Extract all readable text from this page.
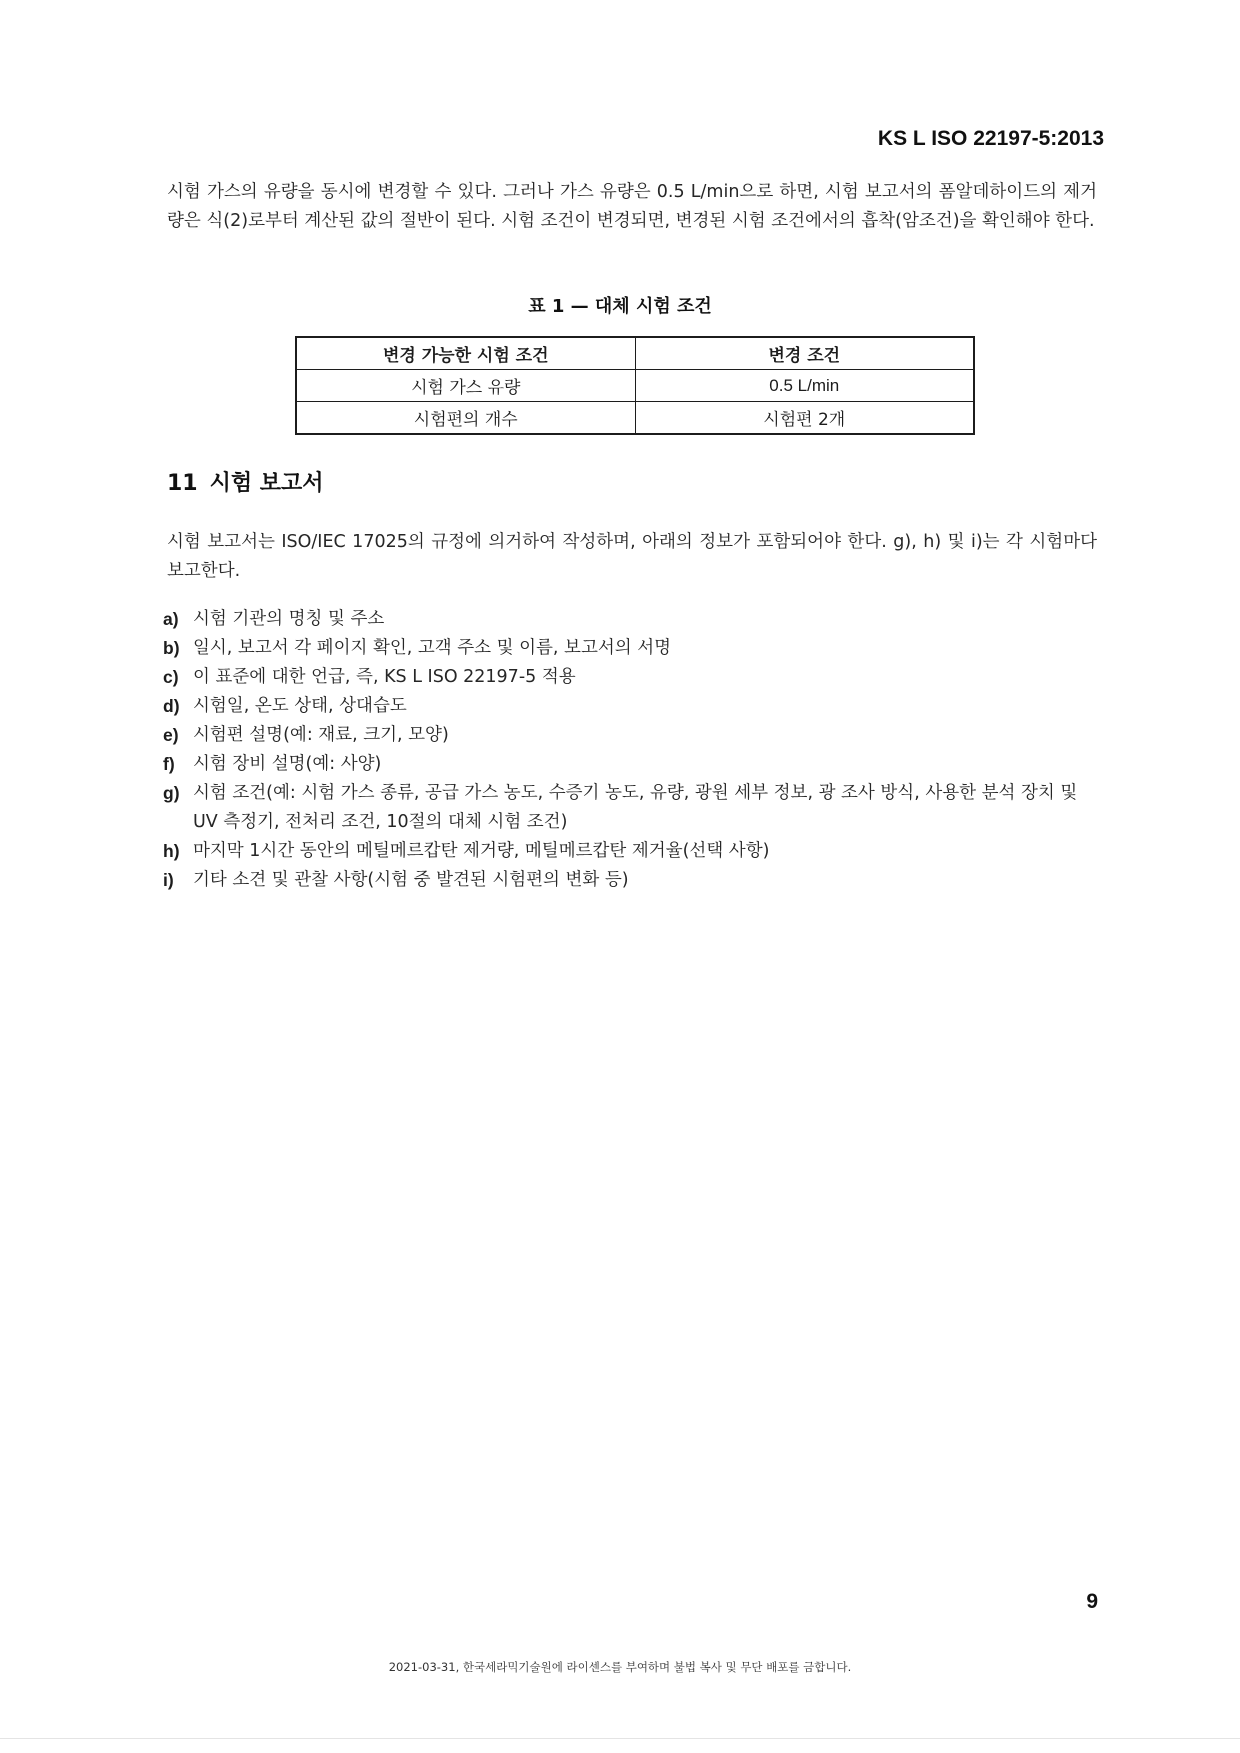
KS L ISO 22197-5:2013

시험 가스의 유량을 동시에 변경할 수 있다. 그러나 가스 유량은 0.5 L/min으로 하면, 시험 보고서의 폼알데하이드의 제거량은 식(2)로부터 계산된 값의 절반이 된다. 시험 조건이 변경되면, 변경된 시험 조건에서의 흡착(암조건)을 확인해야 한다.

표 1 — 대체 시험 조건
변경 가능한 시험 조건	변경 조건
시험 가스 유량	0.5 L/min
시험편의 개수	시험편 2개
11 시험 보고서

시험 보고서는 ISO/IEC 17025의 규정에 의거하여 작성하며, 아래의 정보가 포함되어야 한다. g), h) 및 i)는 각 시험마다 보고한다.

a) 시험 기관의 명칭 및 주소
b) 일시, 보고서 각 페이지 확인, 고객 주소 및 이름, 보고서의 서명
c) 이 표준에 대한 언급, 즉, KS L ISO 22197-5 적용
d) 시험일, 온도 상태, 상대습도
e) 시험편 설명(예: 재료, 크기, 모양)
f) 시험 장비 설명(예: 사양)
g) 시험 조건(예: 시험 가스 종류, 공급 가스 농도, 수증기 농도, 유량, 광원 세부 정보, 광 조사 방식, 사용한 분석 장치 및 UV 측정기, 전처리 조건, 10절의 대체 시험 조건)
h) 마지막 1시간 동안의 메틸메르캅탄 제거량, 메틸메르캅탄 제거율(선택 사항)
i) 기타 소견 및 관찰 사항(시험 중 발견된 시험편의 변화 등)
9
2021-03-31, 한국세라믹기술원에 라이센스를 부여하며 불법 복사 및 무단 배포를 금합니다.
